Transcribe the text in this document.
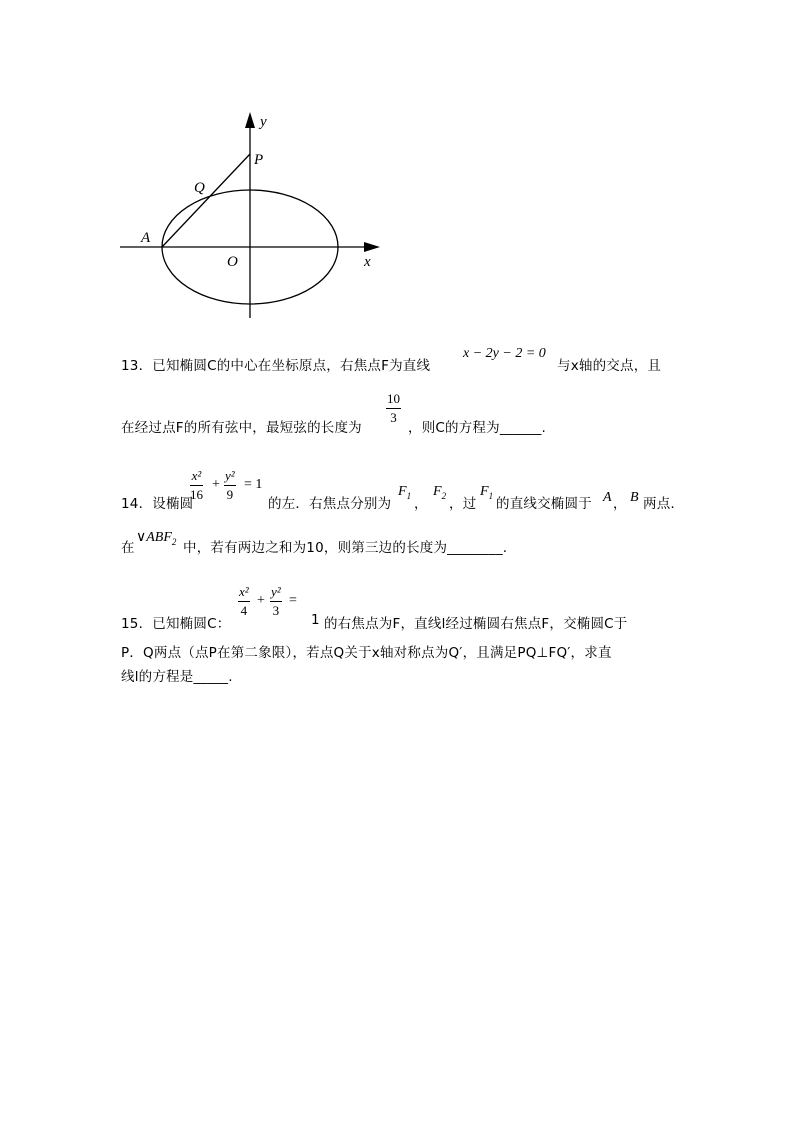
y
P
Q
A
O	x
13．已知椭圆C的中心在坐标原点，右焦点F为直线
x − 2y − 2 = 0
与x轴的交点，且
10
3
在经过点F的所有弦中，最短弦的长度为	，则C的方程为______.
14．设椭圆
x²
16
+
y²
9
= 1
的左．右焦点分别为
$F_1$
，
$F_2$
，过
$F_1$
的直线交椭圆于 A ， B 两点.
在
$\vee ABF_2$ 中，若有两边之和为10，则第三边的长度为________.
15．已知椭圆C：
x²
4
+
y²
3
=
1 的右焦点为F，直线l经过椭圆右焦点F，交椭圆C于
P．Q两点（点P在第二象限），若点Q关于x轴对称点为Q′，且满足PQ⊥FQ′，求直
线l的方程是_____.
